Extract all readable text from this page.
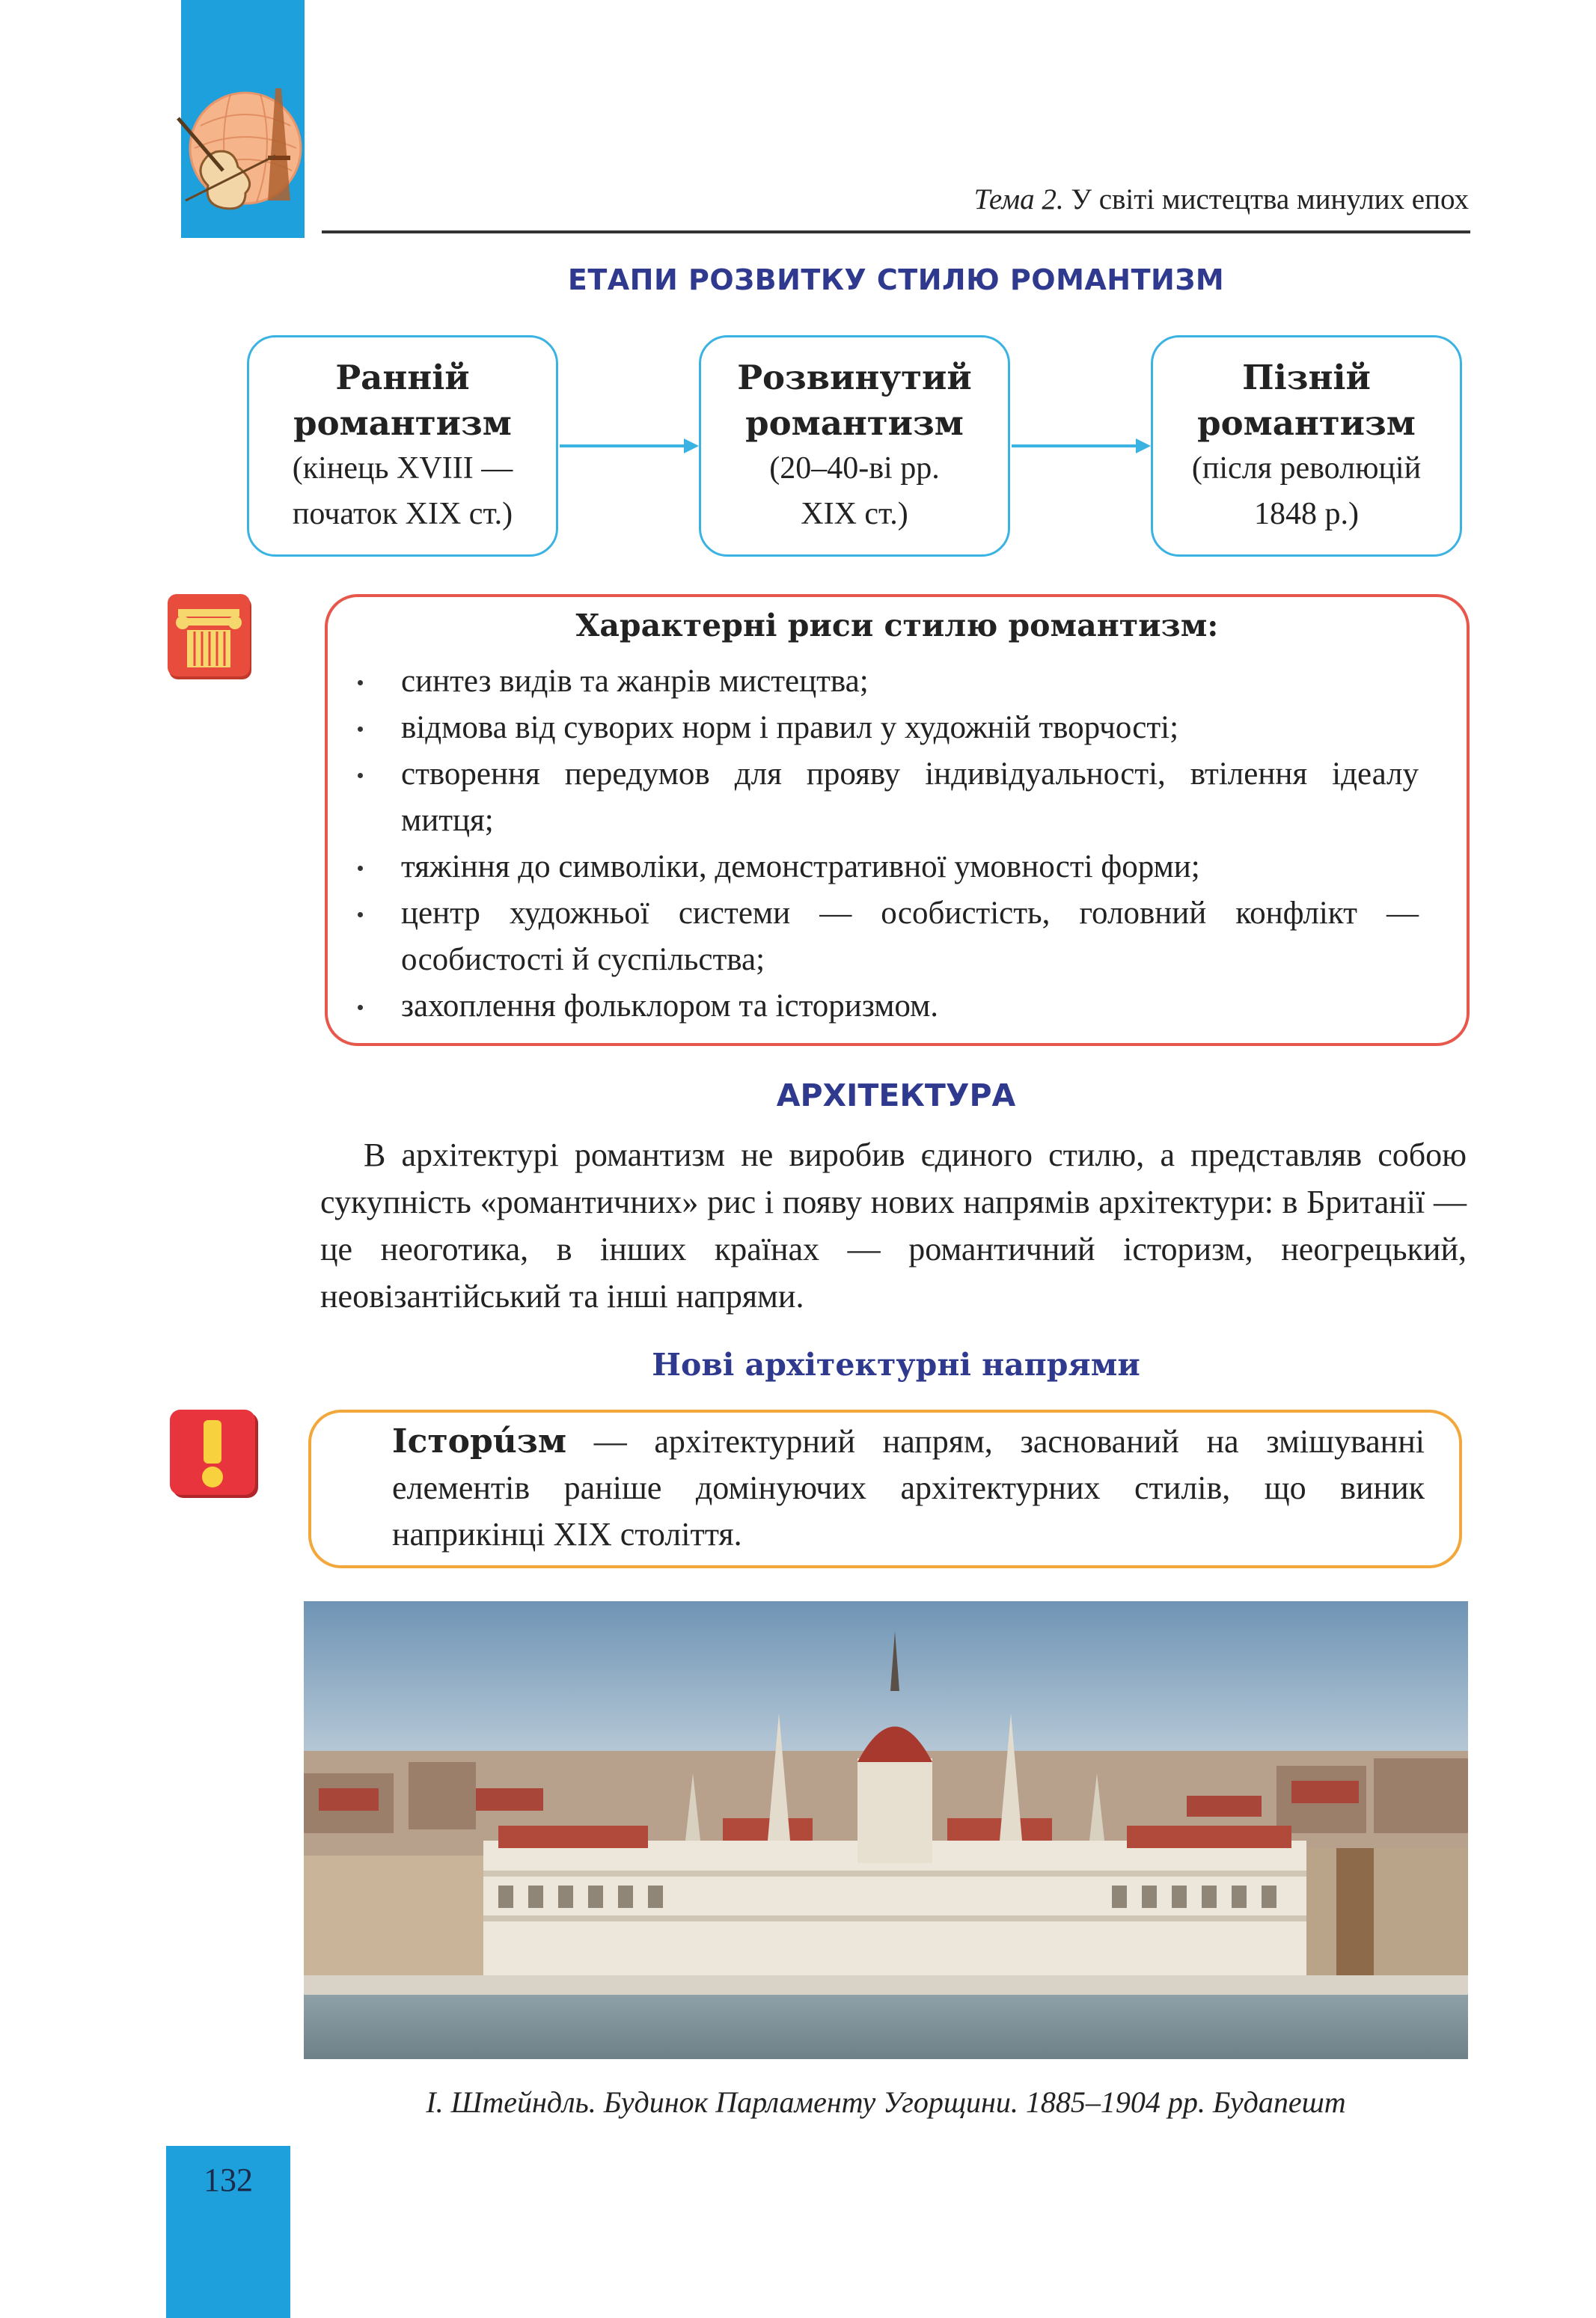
Тема 2. У світі мистецтва минулих епох
ЕТАПИ РОЗВИТКУ СТИЛЮ РОМАНТИЗМ
Ранній
романтизм
(кінець XVIII —
початок XIX ст.)
Розвинутий
романтизм
(20–40-ві рр.
XIX ст.)
Пізній
романтизм
(після революцій
1848 р.)
Характерні риси стилю романтизм:
синтез видів та жанрів мистецтва;
відмова від суворих норм і правил у художній творчості;
створення передумов для прояву індивідуальності, втілення ідеалу митця;
тяжіння до символіки, демонстративної умовності форми;
центр художньої системи — особистість, головний конфлікт — особистості й суспільства;
захоплення фольклором та історизмом.
АРХІТЕКТУРА

В архітектурі романтизм не виробив єдиного стилю, а представляв собою сукупність «романтичних» рис і появу нових напрямів архітектури: в Британії — це неоготика, в інших країнах — романтичний історизм, неогрецький, неовізантійський та інші напрями.

Нові архітектурні напрями

Історúзм — архітектурний напрям, заснований на змішуванні елементів раніше домінуючих архітектурних стилів, що виник наприкінці XIX століття.

І. Штейндль. Будинок Парламенту Угорщини. 1885–1904 рр. Будапешт
132
